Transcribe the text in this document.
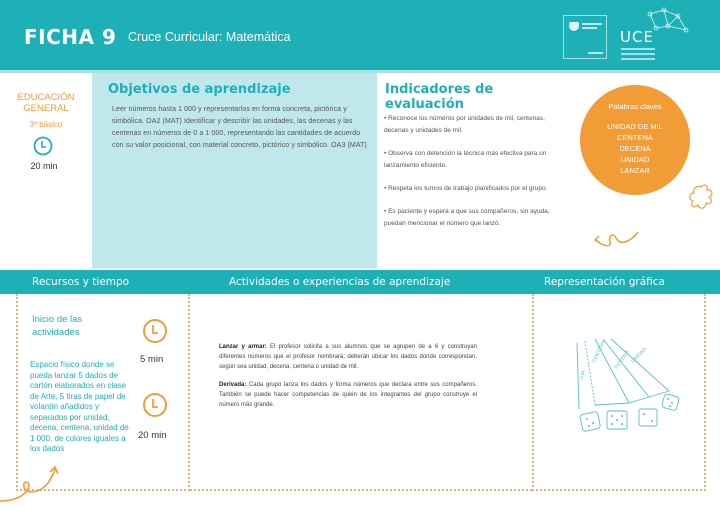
FICHA 9 Cruce Curricular: Matemática	UCE
EDUCACIÓN GENERAL
3º básico
20 min
Objetivos de aprendizaje
Leer números hasta 1 000 y representarlos en forma concreta, pictórica y simbólica. OA2 (MAT) Identificar y describir las unidades, las decenas y las centenas en números de 0 a 1 000, representando las cantidades de acuerdo con su valor posicional, con material concreto, pictórico y simbólico. OA3 (MAT)
Indicadores de evaluación
• Reconoce los números por unidades de mil, centenas, decenas y unidades de mil.
• Observa con detención la técnica más efectiva para un lanzamiento eficiente.
• Respeta los turnos de trabajo planificados por el grupo.
• Es paciente y espera a que sus compañeros, sin ayuda, puedan mencionar el número que lanzó.
Palabras claves
UNIDAD DE MIL
CENTENA
DECENA
UNIDAD
LANZAR
Recursos y tiempo	Actividades o experiencias de aprendizaje	Representación gráfica
Inicio de las actividades
Espacio físico donde se pueda lanzar 5 dados de cartón elaborados en clase de Arte, 5 tiras de papel de volantín añadidos y separados por unidad, decena, centena, unidad de 1 000, de colores iguales a los dados
5 min
20 min

Lanzar y armar: El profesor solicita a sus alumnos que se agrupen de a 6 y construyan diferentes números que el profesor nombrará; deberán ubicar los dados donde correspondan, según sea unidad, decena, centena o unidad de mil.

Derivada: Cada grupo lanza los dados y forma números que declara entre sus compañeros. También se puede hacer competencias de quién de los integrantes del grupo construye el número más grande.

U.M.
CENTENA DECENA UNIDAD
